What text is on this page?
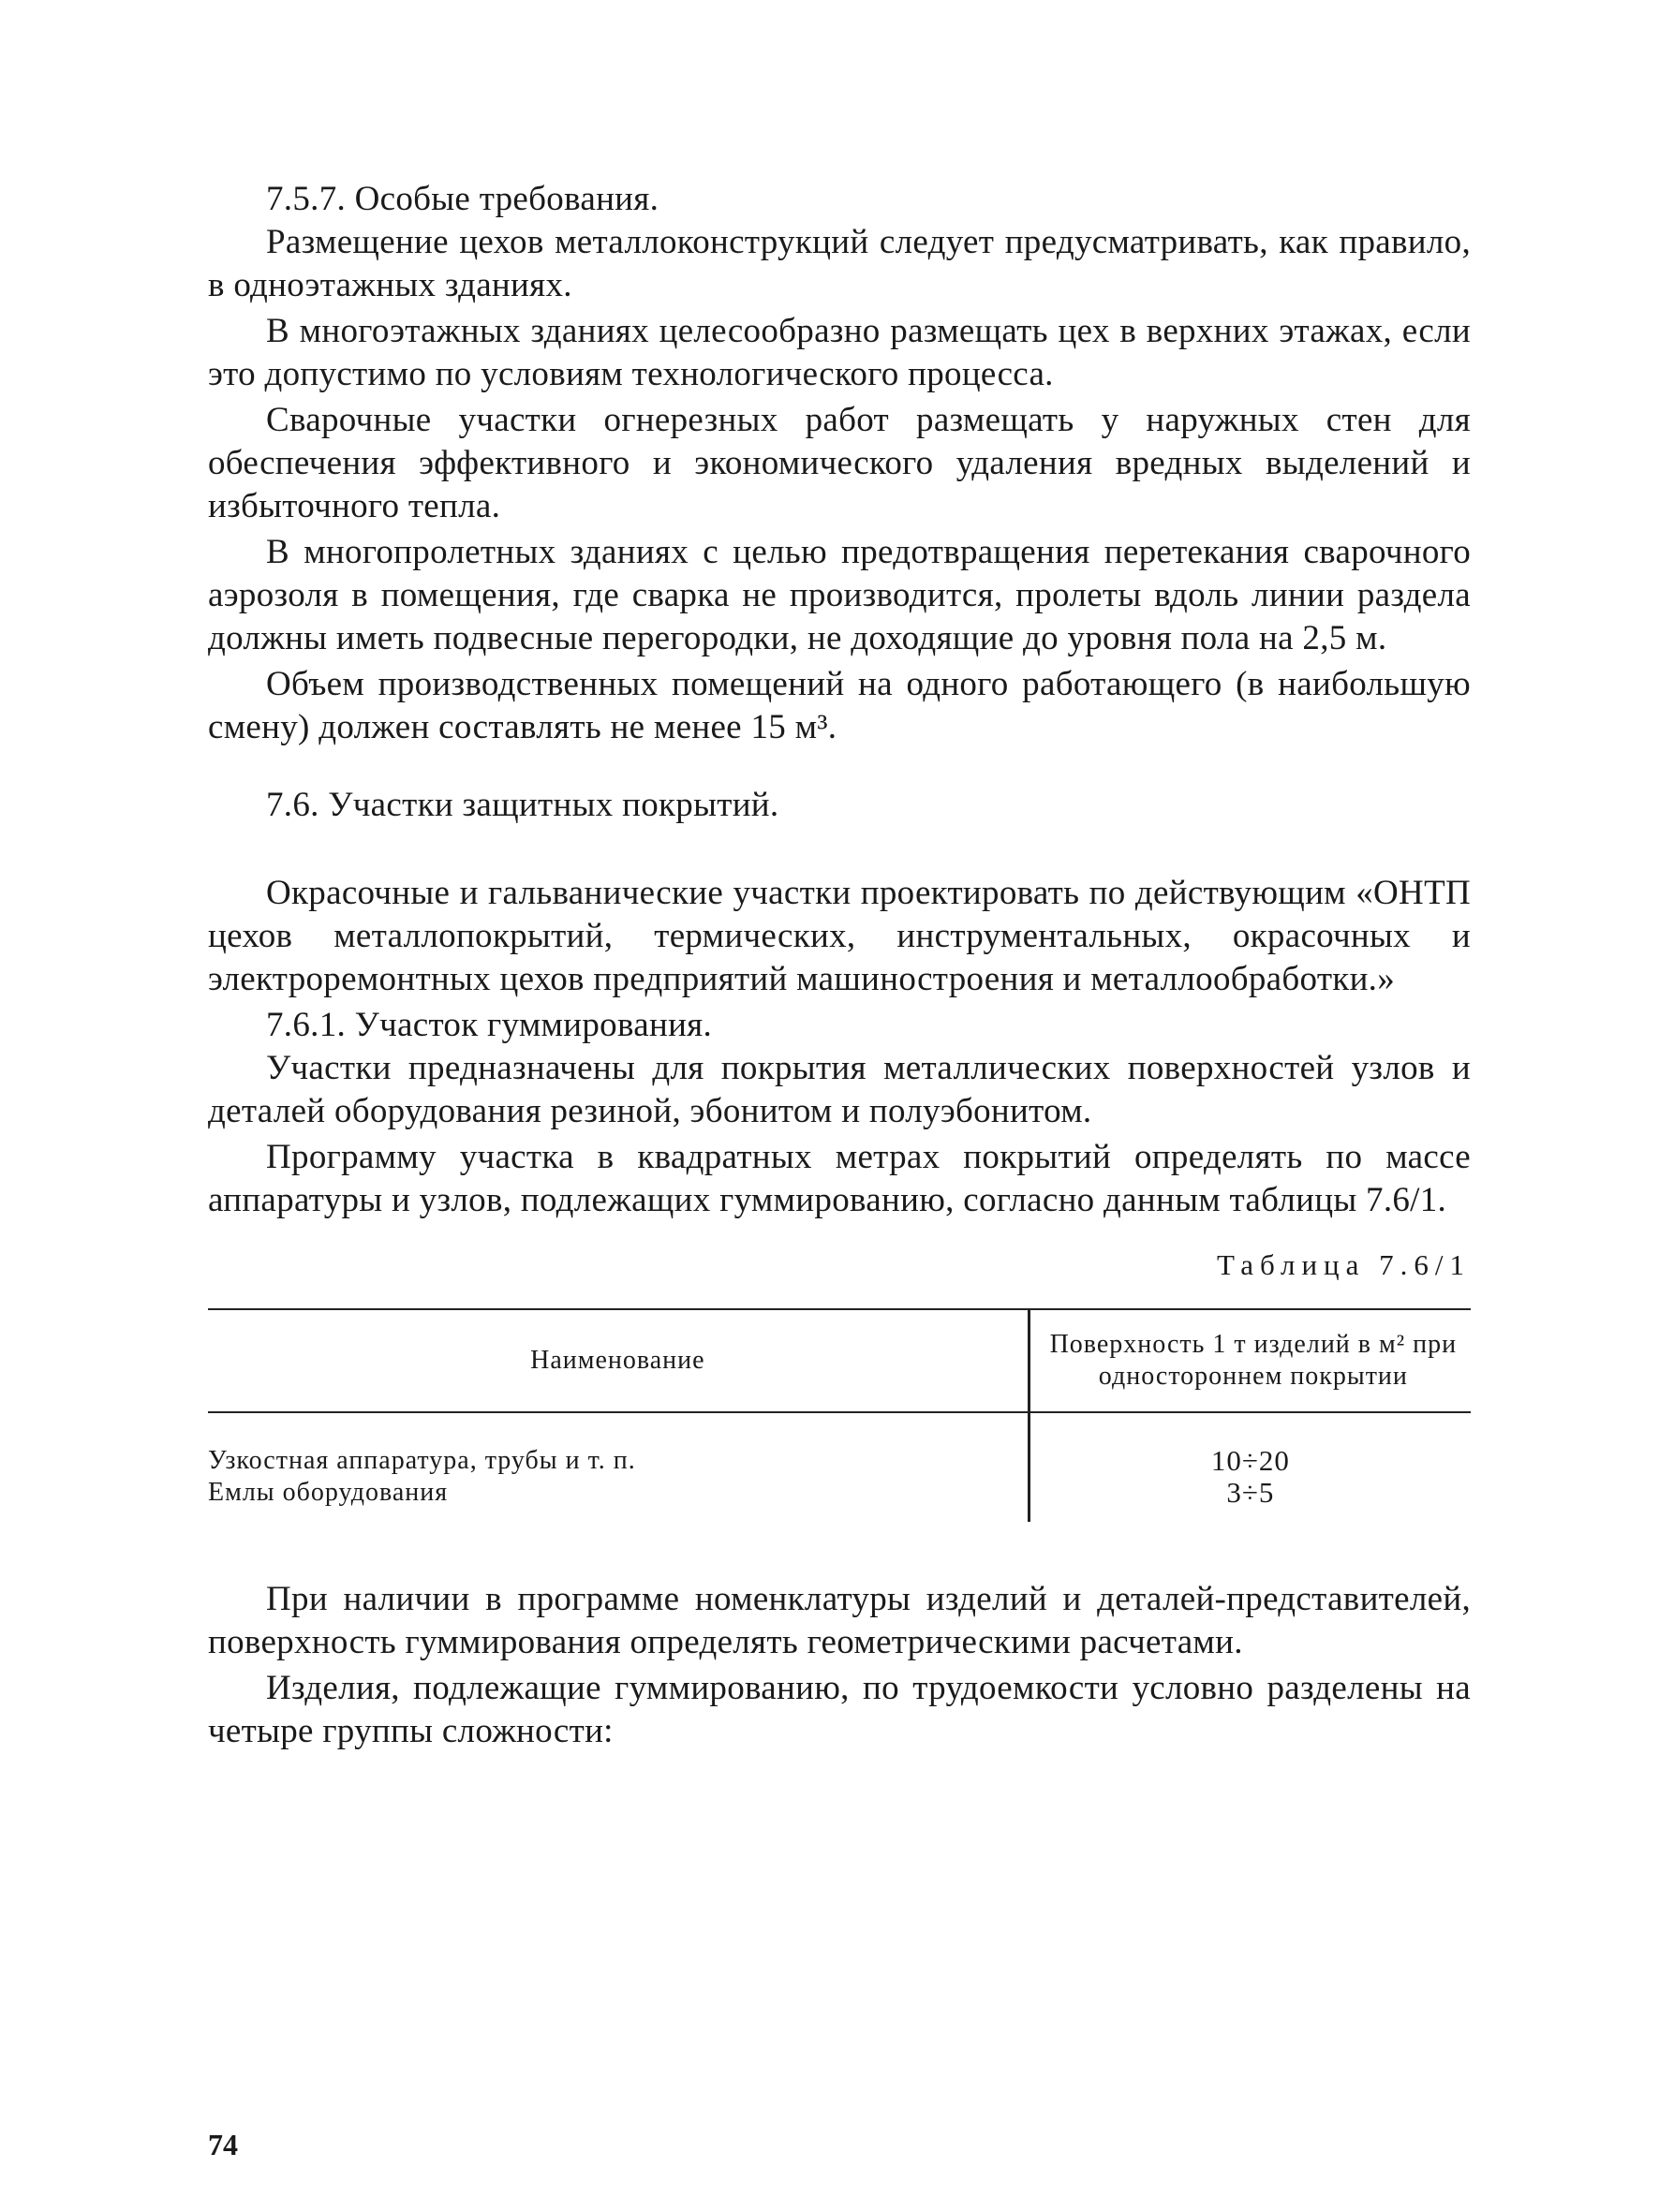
7.5.7. Особые требования.

Размещение цехов металлоконструкций следует предусматривать, как правило, в одноэтажных зданиях.

В многоэтажных зданиях целесообразно размещать цех в верхних этажах, если это допустимо по условиям технологического процесса.

Сварочные участки огнерезных работ размещать у наружных стен для обеспечения эффективного и экономического удаления вредных выделений и избыточного тепла.

В многопролетных зданиях с целью предотвращения перетекания сварочного аэрозоля в помещения, где сварка не производится, пролеты вдоль линии раздела должны иметь подвесные перегородки, не доходящие до уровня пола на 2,5 м.

Объем производственных помещений на одного работающего (в наибольшую смену) должен составлять не менее 15 м³.

7.6. Участки защитных покрытий.

Окрасочные и гальванические участки проектировать по действующим «ОНТП цехов металлопокрытий, термических, инструментальных, окрасочных и электроремонтных цехов предприятий машиностроения и металлообработки.»

7.6.1. Участок гуммирования.

Участки предназначены для покрытия металлических поверхностей узлов и деталей оборудования резиной, эбонитом и полуэбонитом.

Программу участка в квадратных метрах покрытий определять по массе аппаратуры и узлов, подлежащих гуммированию, согласно данным таблицы 7.6/1.

Таблица 7.6/1
Наименование	Поверхность 1 т изделий в м² при одностороннем покрытии
Узкостная аппаратура, трубы и т. п.	10÷20
Емлы оборудования	3÷5

При наличии в программе номенклатуры изделий и деталей-представителей, поверхность гуммирования определять геометрическими расчетами.

Изделия, подлежащие гуммированию, по трудоемкости условно разделены на четыре группы сложности:

74
